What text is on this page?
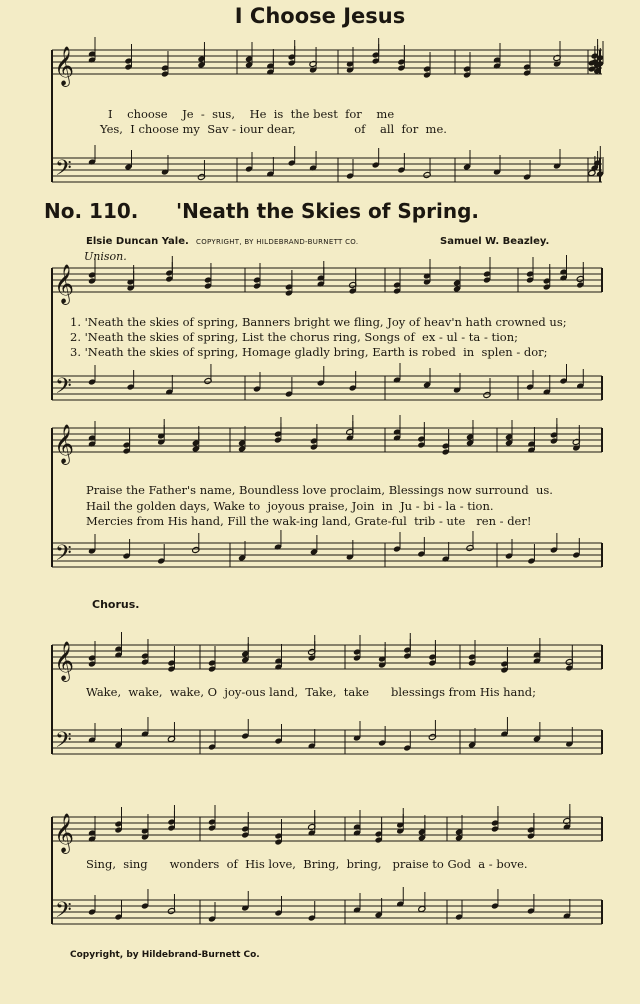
𝄞
𝄢
𝄞
𝄢
𝄞
𝄢
𝄞
𝄢
𝄞
𝄢
I Choose Jesus
I    choose    Je  -  sus,    He  is  the best  for    me
Yes,  I choose my  Sav - iour dear,                of    all  for  me.
No. 110. 'Neath the Skies of Spring.
Elsie Duncan Yale. COPYRIGHT, BY HILDEBRAND-BURNETT CO.	Samuel W. Beazley.
Unison.
1. 'Neath the skies of spring, Banners bright we fling, Joy of heav'n hath crowned us;
2. 'Neath the skies of spring, List the chorus ring, Songs of  ex - ul - ta - tion;
3. 'Neath the skies of spring, Homage gladly bring, Earth is robed  in  splen - dor;
Praise the Father's name, Boundless love proclaim, Blessings now surround  us.
Hail the golden days, Wake to  joyous praise, Join  in  Ju - bi - la - tion.
Mercies from His hand, Fill the wak-ing land, Grate-ful  trib - ute   ren - der!
Chorus.
Wake,  wake,  wake, O  joy-ous land,  Take,  take      blessings from His hand;
Sing,  sing      wonders  of  His love,  Bring,  bring,   praise to God  a - bove.
Copyright, by Hildebrand-Burnett Co.
